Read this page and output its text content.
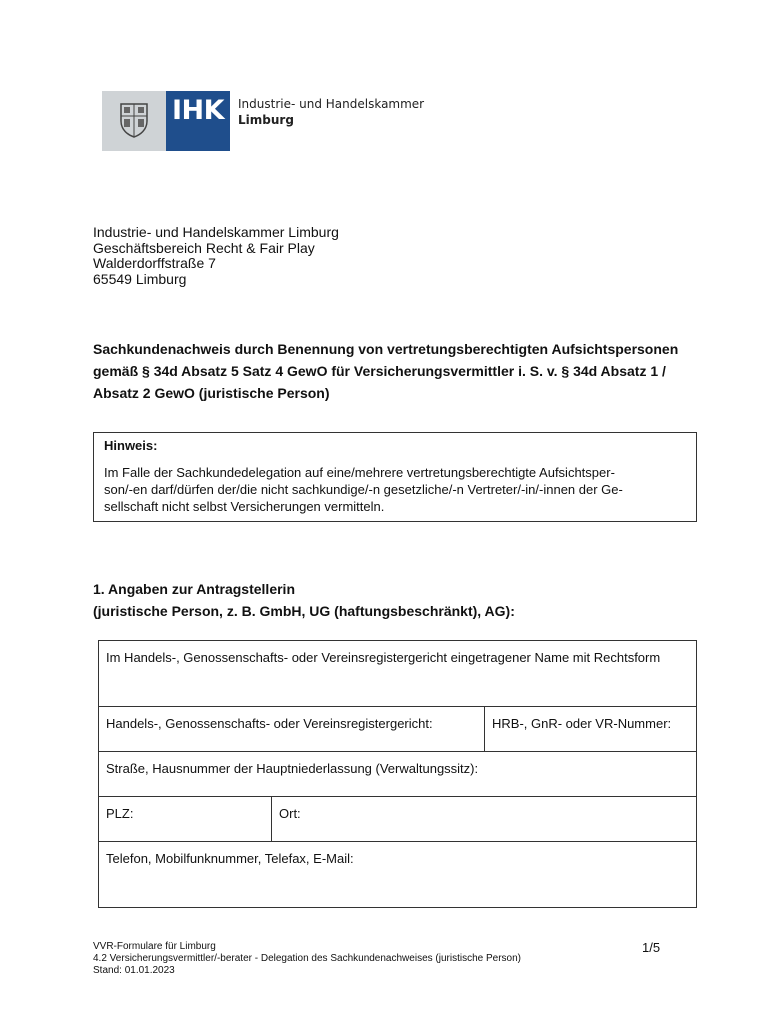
IHK Industrie- und Handelskammer
Limburg
Industrie- und Handelskammer Limburg
Geschäftsbereich Recht & Fair Play
Walderdorffstraße 7
65549 Limburg
Sachkundenachweis durch Benennung von vertretungsberechtigten Aufsichtspersonen
gemäß § 34d Absatz 5 Satz 4 GewO für Versicherungsvermittler i. S. v. § 34d Absatz 1 /
Absatz 2 GewO (juristische Person)
Hinweis:
Im Falle der Sachkundedelegation auf eine/mehrere vertretungsberechtigte Aufsichtsper-
son/-en darf/dürfen der/die nicht sachkundige/-n gesetzliche/-n Vertreter/-in/-innen der Ge-
sellschaft nicht selbst Versicherungen vermitteln.
1. Angaben zur Antragstellerin
(juristische Person, z. B. GmbH, UG (haftungsbeschränkt), AG):
Im Handels-, Genossenschafts- oder Vereinsregistergericht eingetragener Name mit Rechtsform
Handels-, Genossenschafts- oder Vereinsregistergericht:	HRB-, GnR- oder VR-Nummer:
Straße, Hausnummer der Hauptniederlassung (Verwaltungssitz):
PLZ:	Ort:
Telefon, Mobilfunknummer, Telefax, E-Mail:
VVR-Formulare für Limburg
4.2 Versicherungsvermittler/-berater - Delegation des Sachkundenachweises (juristische Person)
Stand: 01.01.2023
1/5
